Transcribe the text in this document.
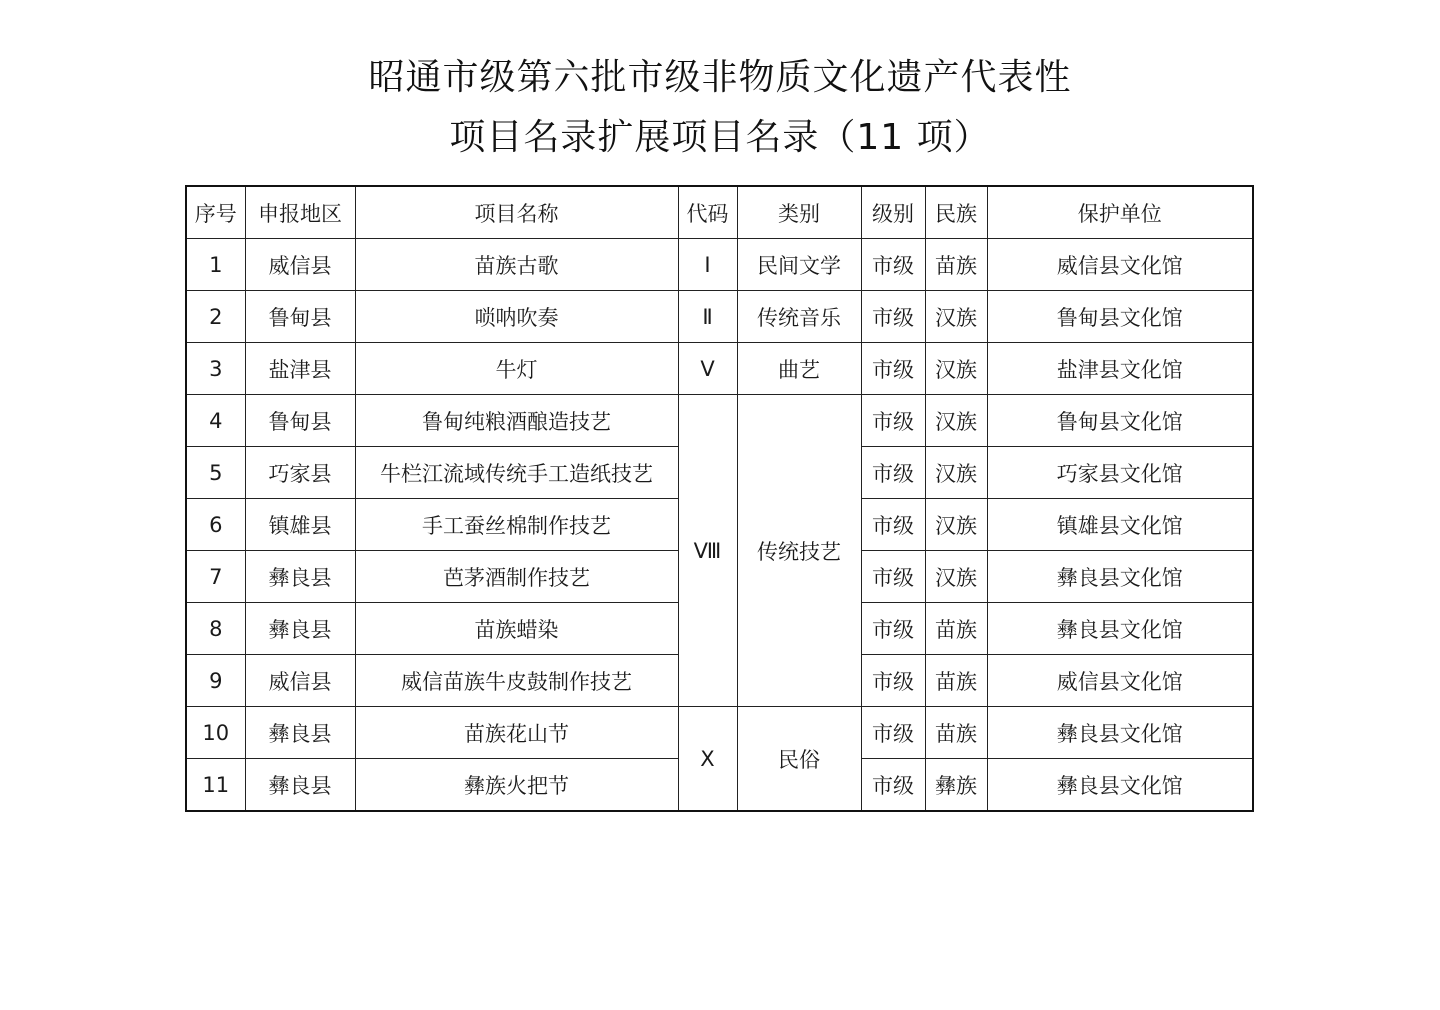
昭通市级第六批市级非物质文化遗产代表性
项目名录扩展项目名录（11 项）
序号	申报地区	项目名称	代码	类别	级别	民族	保护单位
1	威信县	苗族古歌	Ⅰ	民间文学	市级	苗族	威信县文化馆
2	鲁甸县	唢呐吹奏	Ⅱ	传统音乐	市级	汉族	鲁甸县文化馆
3	盐津县	牛灯	Ⅴ	曲艺	市级	汉族	盐津县文化馆
4	鲁甸县	鲁甸纯粮酒酿造技艺	Ⅷ	传统技艺	市级	汉族	鲁甸县文化馆
5	巧家县	牛栏江流域传统手工造纸技艺			市级	汉族	巧家县文化馆
6	镇雄县	手工蚕丝棉制作技艺			市级	汉族	镇雄县文化馆
7	彝良县	芭茅酒制作技艺			市级	汉族	彝良县文化馆
8	彝良县	苗族蜡染			市级	苗族	彝良县文化馆
9	威信县	威信苗族牛皮鼓制作技艺			市级	苗族	威信县文化馆
10	彝良县	苗族花山节	Ⅹ	民俗	市级	苗族	彝良县文化馆
11	彝良县	彝族火把节			市级	彝族	彝良县文化馆
